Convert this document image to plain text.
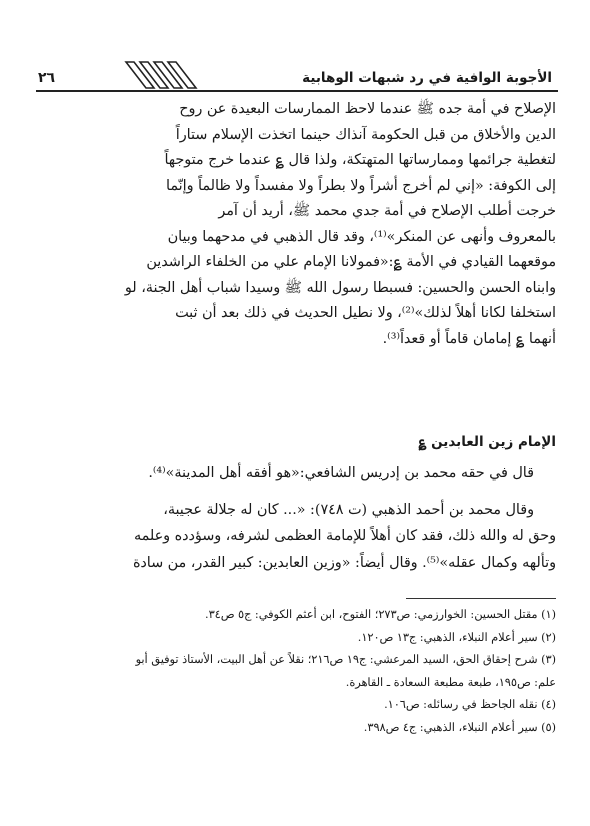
الأجوبة الوافية في رد شبهات الوهابية
٢٦

الإصلاح في أمة جده ﷺ عندما لاحظ الممارسات البعيدة عن روح

الدين والأخلاق من قبل الحكومة آنذاك حينما اتخذت الإسلام ستاراً

لتغطية جرائمها وممارساتها المتهتكة، ولذا قال ؏ عندما خرج متوجهاً

إلى الكوفة: «إني لم أخرج أشراً ولا بطراً ولا مفسداً ولا ظالماً وإنّما

خرجت أطلب الإصلاح في أمة جدي محمد ﷺ، أريد أن آمر

بالمعروف وأنهى عن المنكر»⁽¹⁾، وقد قال الذهبي في مدحهما وبيان

موقعهما القيادي في الأمة ؏:«فمولانا الإمام علي من الخلفاء الراشدين

وابناه الحسن والحسين: فسبطا رسول الله ﷺ وسيدا شباب أهل الجنة، لو

استخلفا لكانا أهلاً لذلك»⁽²⁾، ولا نطيل الحديث في ذلك بعد أن ثبت

أنهما ؏ إمامان قاماً أو قعداً⁽³⁾.

الإمام زين العابدين ؏

قال في حقه محمد بن إدريس الشافعي:«هو أفقه أهل المدينة»⁽⁴⁾.

وقال محمد بن أحمد الذهبي (ت ٧٤٨): «... كان له جلالة عجيبة،

وحق له والله ذلك، فقد كان أهلاً للإمامة العظمى لشرفه، وسؤدده وعلمه

وتألهه وكمال عقله»⁽⁵⁾. وقال أيضاً: «وزين العابدين: كبير القدر، من سادة

(١) مقتل الحسين: الخوارزمي: ص٢٧٣؛ الفتوح، ابن أعثم الكوفي: ج٥ ص٣٤.

(٢) سير أعلام النبلاء، الذهبي: ج١٣ ص١٢٠.

(٣) شرح إحقاق الحق، السيد المرعشي: ج١٩ ص٢١٦؛ نقلاً عن أهل البيت، الأستاذ توفيق أبو

علم: ص١٩٥، طبعة مطبعة السعادة ـ القاهرة.

(٤) نقله الجاحظ في رسائله: ص١٠٦.

(٥) سير أعلام النبلاء، الذهبي: ج٤ ص٣٩٨.
